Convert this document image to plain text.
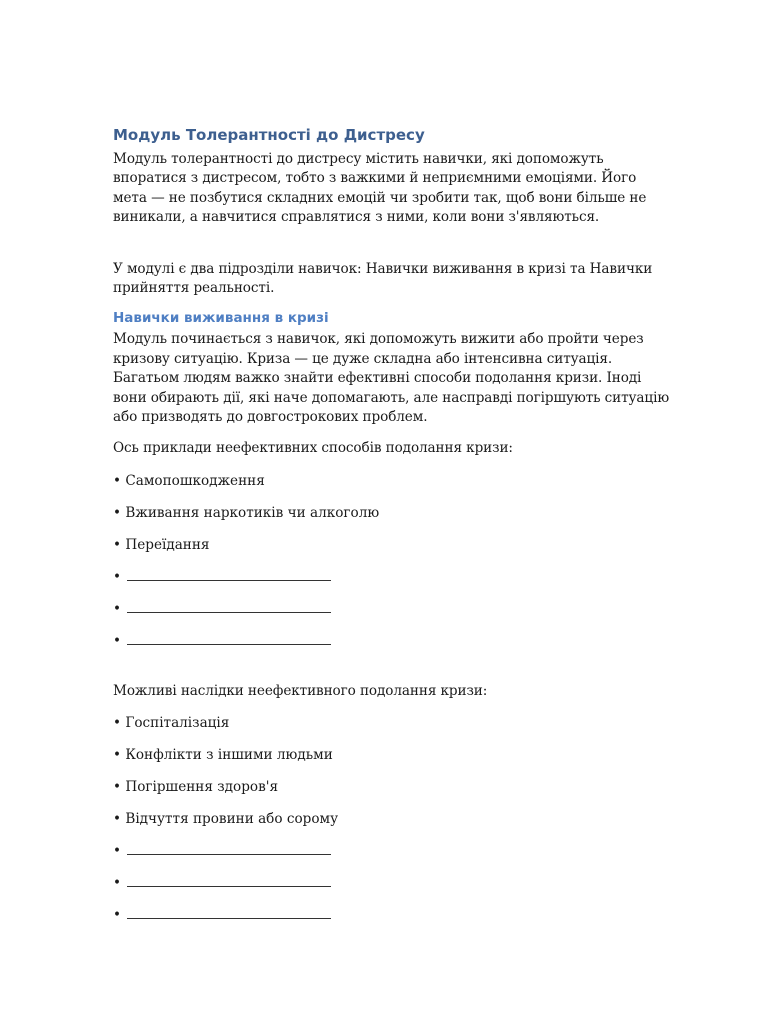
Модуль Толерантності до Дистресу

Модуль толерантності до дистресу містить навички, які допоможуть впоратися з дистресом, тобто з важкими й неприємними емоціями. Його мета — не позбутися складних емоцій чи зробити так, щоб вони більше не виникали, а навчитися справлятися з ними, коли вони з'являються.

У модулі є два підрозділи навичок: Навички виживання в кризі та Навички прийняття реальності.

Навички виживання в кризі

Модуль починається з навичок, які допоможуть вижити або пройти через кризову ситуацію. Криза — це дуже складна або інтенсивна ситуація. Багатьом людям важко знайти ефективні способи подолання кризи. Іноді вони обирають дії, які наче допомагають, але насправді погіршують ситуацію або призводять до довгострокових проблем.

Ось приклади неефективних способів подолання кризи:

• Самопошкодження
• Вживання наркотиків чи алкоголю
• Переїдання
•
•
•

Можливі наслідки неефективного подолання кризи:

• Госпіталізація
• Конфлікти з іншими людьми
• Погіршення здоров'я
• Відчуття провини або сорому
•
•
•
